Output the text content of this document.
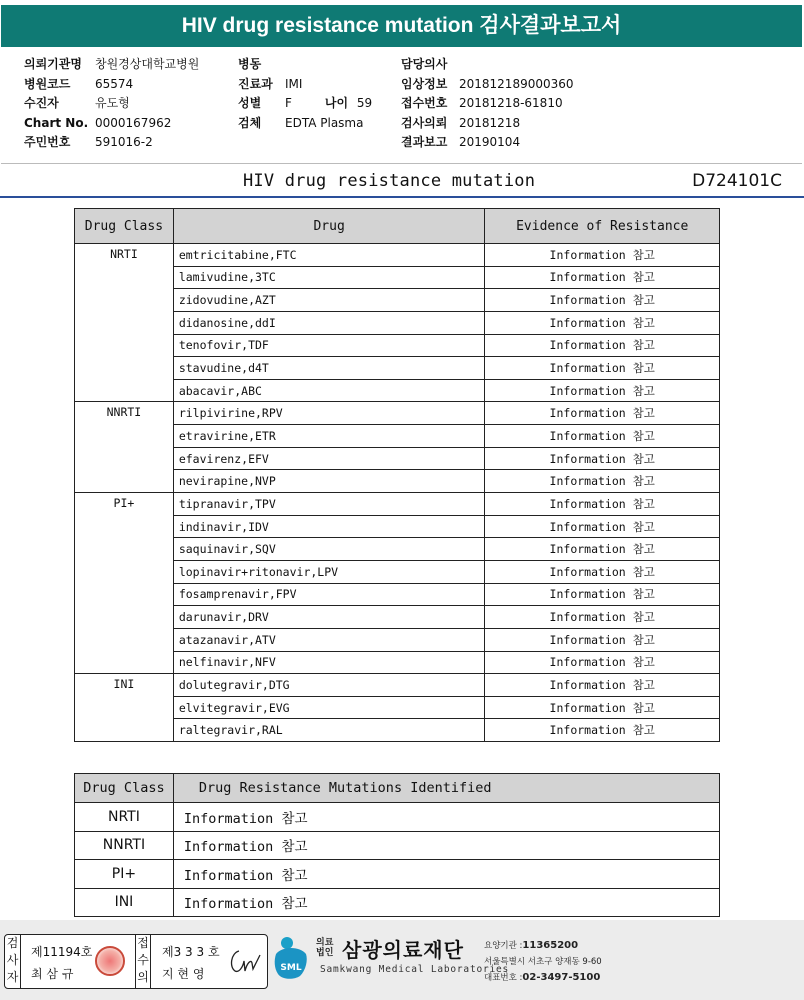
HIV drug resistance mutation 검사결과보고서
의뢰기관명 창원경상대학교병원
병원코드 65574
수진자	유도형
Chart No. 0000167962
주민번호 591016-2
병동
진료과 IMI
성별 F	나이 59
검체 EDTA Plasma
담당의사
임상정보 201812189000360
접수번호 20181218-61810
검사의뢰 20181218
결과보고 20190104
HIV drug resistance mutation	D724101C
Drug Class	Drug	Evidence of Resistance
NRTI	emtricitabine,FTC	Information 참고
	lamivudine,3TC	Information 참고
	zidovudine,AZT	Information 참고
	didanosine,ddI	Information 참고
	tenofovir,TDF	Information 참고
	stavudine,d4T	Information 참고
	abacavir,ABC	Information 참고
NNRTI	rilpivirine,RPV	Information 참고
	etravirine,ETR	Information 참고
	efavirenz,EFV	Information 참고
	nevirapine,NVP	Information 참고
PI+	tipranavir,TPV	Information 참고
	indinavir,IDV	Information 참고
	saquinavir,SQV	Information 참고
	lopinavir+ritonavir,LPV	Information 참고
	fosamprenavir,FPV	Information 참고
	darunavir,DRV	Information 참고
	atazanavir,ATV	Information 참고
	nelfinavir,NFV	Information 참고
INI	dolutegravir,DTG	Information 참고
	elvitegravir,EVG	Information 참고
	raltegravir,RAL	Information 참고
Drug Class	Drug Resistance Mutations Identified
NRTI	Information 참고
NNRTI	Information 참고
PI+	Information 참고
INI	Information 참고
검
사
자
제11194호
최 삼 규
접
수
의
제3 3 3 호
지 현 영	SML
의료
법인 삼광의료재단
Samkwang Medical Laboratories
요양기관 :11365200
서울특별시 서초구 양재동 9-60
대표번호 :02-3497-5100
